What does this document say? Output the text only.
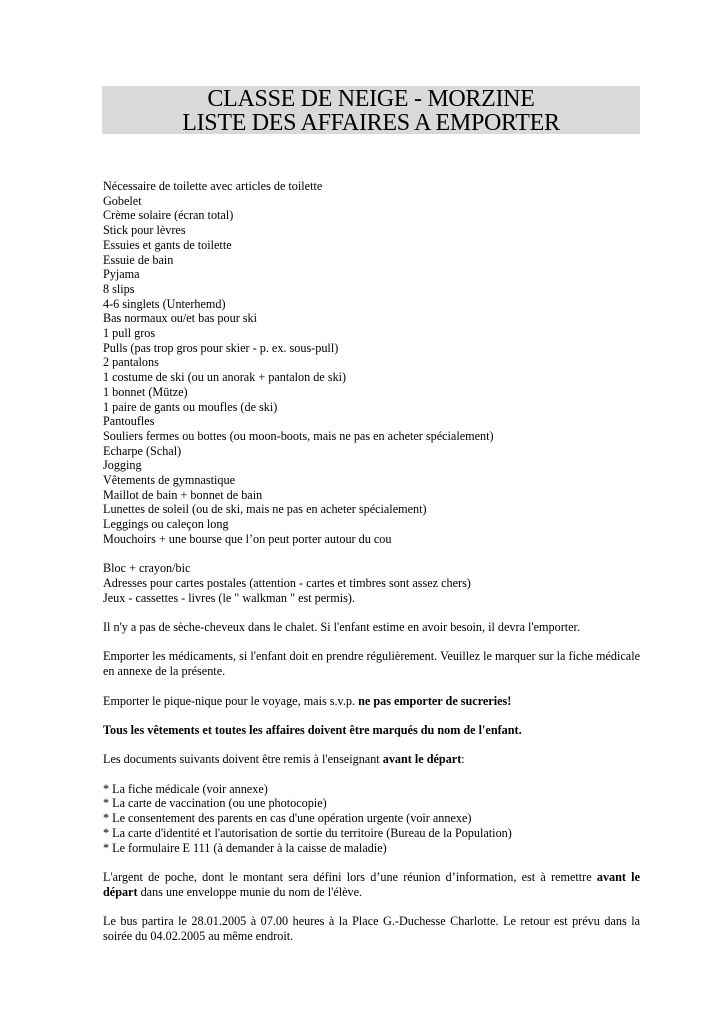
CLASSE DE NEIGE - MORZINE
LISTE DES AFFAIRES A EMPORTER
Nécessaire de toilette avec articles de toilette
Gobelet
Crème solaire (écran total)
Stick pour lèvres
Essuies et gants de toilette
Essuie de bain
Pyjama
8 slips
4-6 singlets (Unterhemd)
Bas normaux ou/et bas pour ski
1 pull gros
Pulls (pas trop gros pour skier - p. ex. sous-pull)
2 pantalons
1 costume de ski (ou un anorak + pantalon de ski)
1 bonnet (Mütze)
1 paire de gants ou moufles (de ski)
Pantoufles
Souliers fermes ou bottes (ou moon-boots, mais ne pas en acheter spécialement)
Echarpe (Schal)
Jogging
Vêtements de gymnastique
Maillot de bain + bonnet de bain
Lunettes de soleil (ou de ski, mais ne pas en acheter spécialement)
Leggings ou caleçon long
Mouchoirs + une bourse que l’on peut porter autour du cou
Bloc + crayon/bic
Adresses pour cartes postales (attention - cartes et timbres sont assez chers)
Jeux - cassettes - livres (le " walkman " est permis).

Il n'y a pas de sèche-cheveux dans le chalet. Si l'enfant estime en avoir besoin, il devra l'emporter.

Emporter les médicaments, si l'enfant doit en prendre régulièrement. Veuillez le marquer sur la fiche médicale en annexe de la présente.

Emporter le pique-nique pour le voyage, mais s.v.p. ne pas emporter de sucreries!

Tous les vêtements et toutes les affaires doivent être marqués du nom de l'enfant.

Les documents suivants doivent être remis à l'enseignant avant le départ:

* La fiche médicale (voir annexe)
* La carte de vaccination (ou une photocopie)
* Le consentement des parents en cas d'une opération urgente (voir annexe)
* La carte d'identité et l'autorisation de sortie du territoire (Bureau de la Population)
* Le formulaire E 111 (à demander à la caisse de maladie)

L'argent de poche, dont le montant sera défini lors d’une réunion d’information, est à remettre avant le départ dans une enveloppe munie du nom de l'élève.

Le bus partira le 28.01.2005 à 07.00 heures à la Place G.-Duchesse Charlotte. Le retour est prévu dans la soirée du 04.02.2005 au même endroit.
